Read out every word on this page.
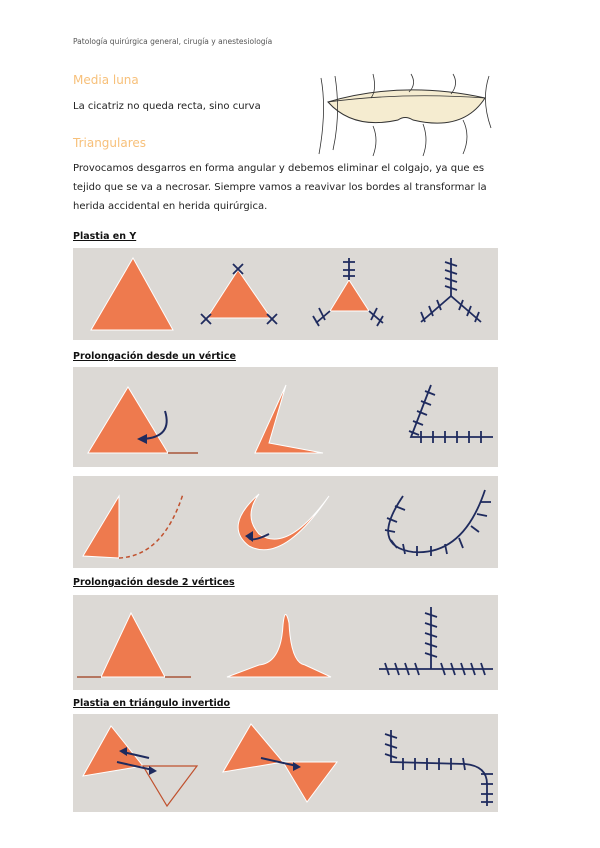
Patología quirúrgica general, cirugía y anestesiología
Media luna
La cicatriz no queda recta, sino curva
Triangulares
Provocamos desgarros en forma angular y debemos eliminar el colgajo, ya que es tejido que se va a necrosar. Siempre vamos a reavivar los bordes al transformar la herida accidental en herida quirúrgica.
Plastia en Y
Prolongación desde un vértice
Prolongación desde 2 vértices
Plastia en triángulo invertido
